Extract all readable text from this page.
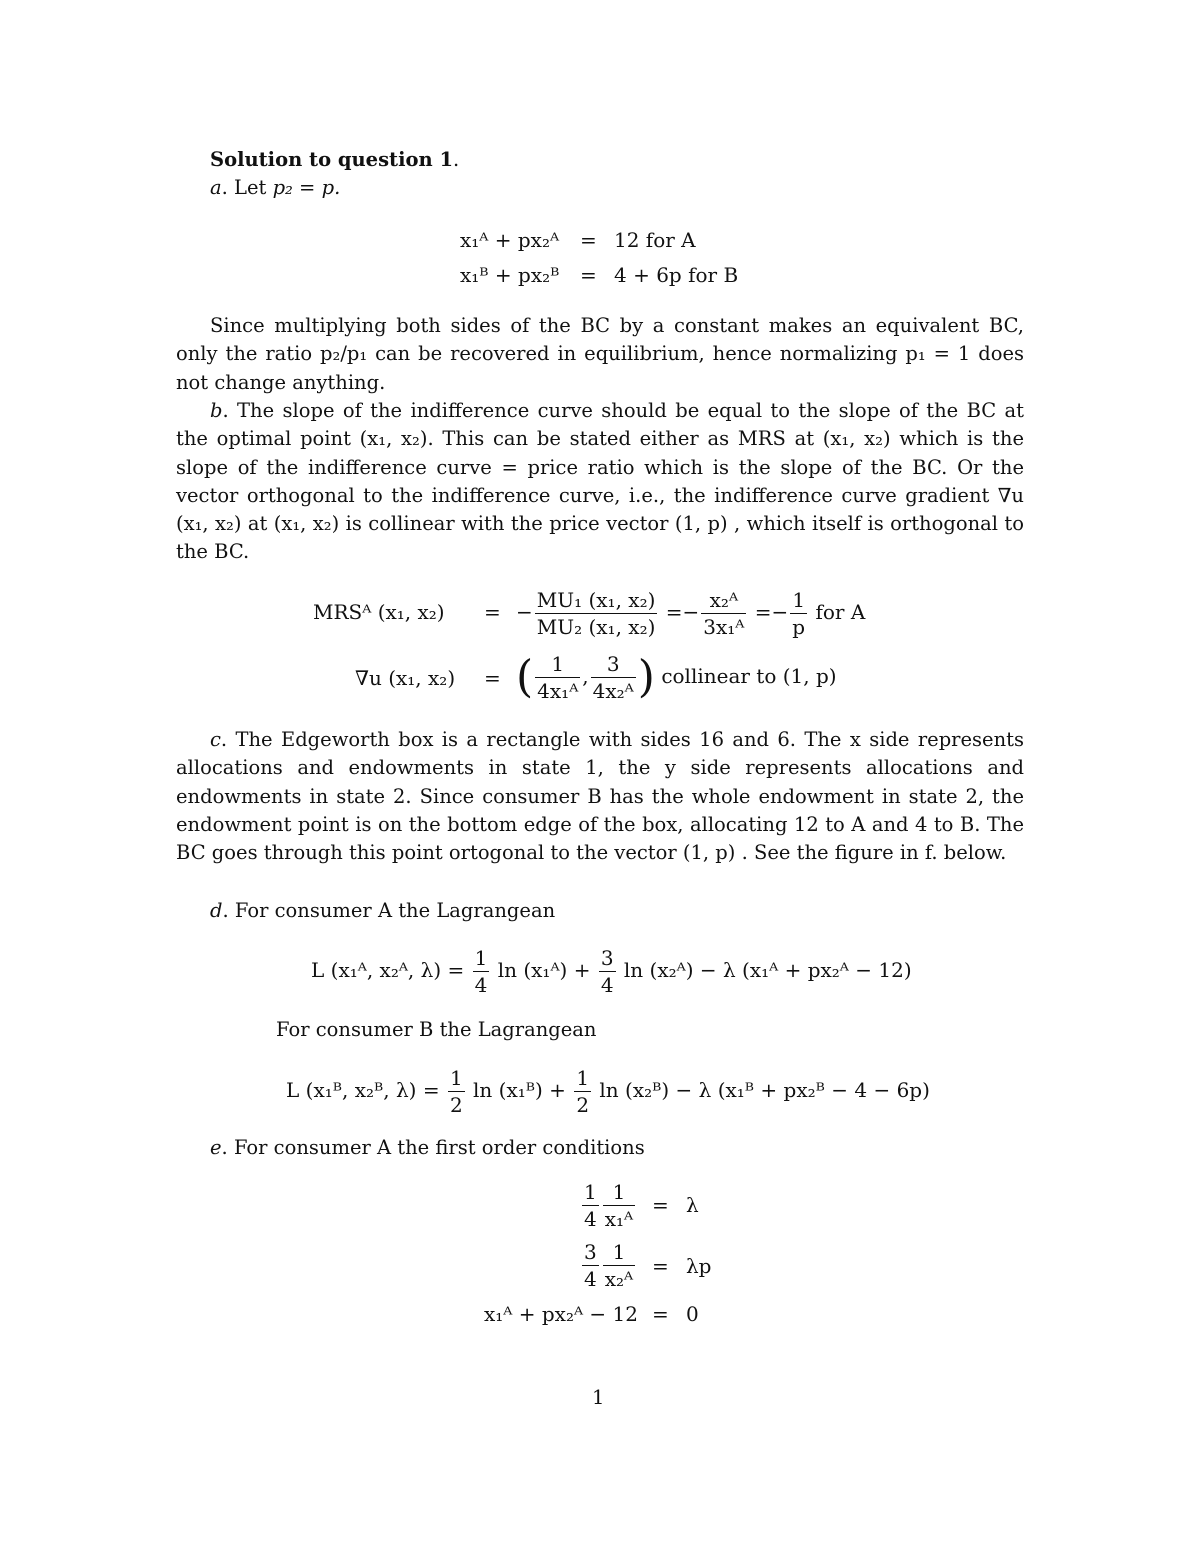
Solution to question 1.
a. Let p₂ = p.
x₁ᴬ + px₂ᴬ = 12 for A
x₁ᴮ + px₂ᴮ = 4 + 6p for B
Since multiplying both sides of the BC by a constant makes an equivalent BC, only the ratio p₂/p₁ can be recovered in equilibrium, hence normalizing p₁ = 1 does not change anything.
b. The slope of the indifference curve should be equal to the slope of the BC at the optimal point (x₁, x₂). This can be stated either as MRS at (x₁, x₂) which is the slope of the indifference curve = price ratio which is the slope of the BC. Or the vector orthogonal to the indifference curve, i.e., the indifference curve gradient ∇u (x₁, x₂) at (x₁, x₂) is collinear with the price vector (1, p) , which itself is orthogonal to the BC.
MRSᴬ (x₁, x₂) = − $\frac{\text{MU₁ (x₁, x₂)}}{\text{MU₂ (x₁, x₂)}} =- \frac{\text{x₂ᴬ}}{\text{3x₁ᴬ}} =- \frac{1}{p}$ for A
∇u (x₁, x₂) = ( $\frac{1}{\text{4x₁ᴬ}}$ , $\frac{3}{\text{4x₂ᴬ}}$ ) collinear to (1, p)
c. The Edgeworth box is a rectangle with sides 16 and 6. The x side represents allocations and endowments in state 1, the y side represents allocations and endowments in state 2. Since consumer B has the whole endowment in state 2, the endowment point is on the bottom edge of the box, allocating 12 to A and 4 to B. The BC goes through this point ortogonal to the vector (1, p) . See the figure in f. below.
d. For consumer A the Lagrangean
L (x₁ᴬ, x₂ᴬ, $\lambda) = \frac{1}{4}$ ln (x₁ᴬ) + $\frac{3}{4}$ ln (x₂ᴬ) − λ (x₁ᴬ + px₂ᴬ − 12)
For consumer B the Lagrangean
L (x₁ᴮ, x₂ᴮ, $\lambda) = \frac{1}{2}$ ln (x₁ᴮ) + $\frac{1}{2}$ ln (x₂ᴮ) − λ (x₁ᴮ + px₂ᴮ − 4 − 6p)
e. For consumer A the first order conditions
$\frac{1}{4} \frac{1}{\text{x₁ᴬ}} = \lambda$
$\frac{3}{4} \frac{1}{\text{x₂ᴬ}} = \lambda p$
x₁ᴬ + px₂ᴬ − 12 = 0
1
